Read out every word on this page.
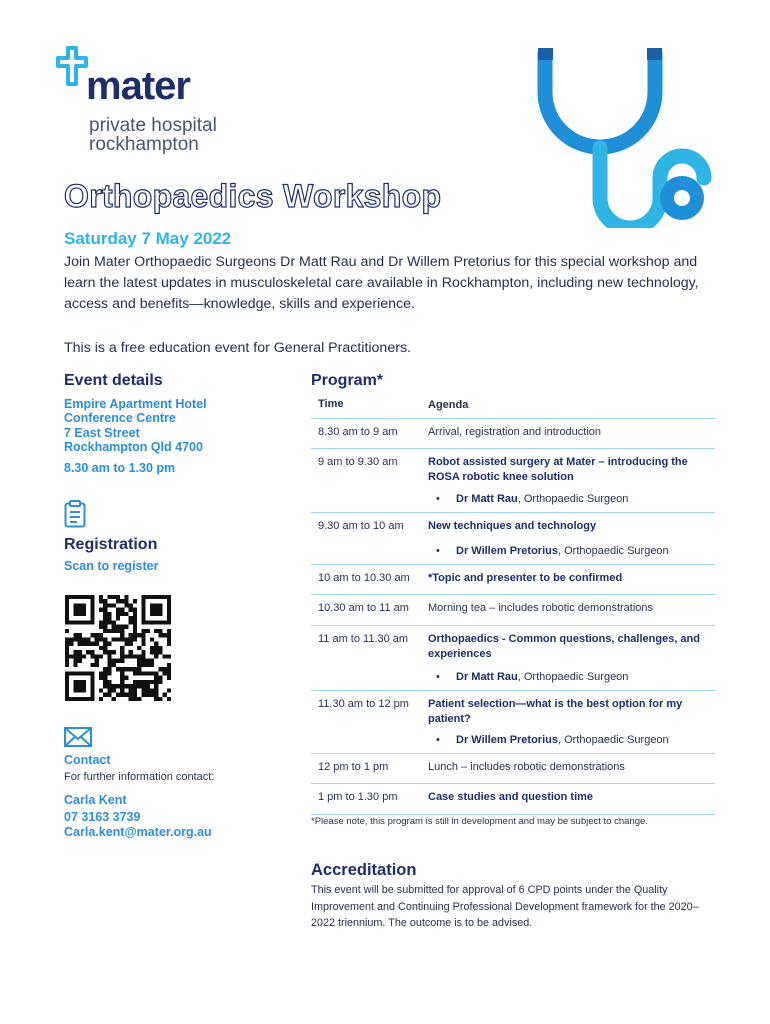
mater
private hospital
rockhampton
Orthopaedics Workshop
Saturday 7 May 2022
Join Mater Orthopaedic Surgeons Dr Matt Rau and Dr Willem Pretorius for this special workshop and learn the latest updates in musculoskeletal care available in Rockhampton, including new technology, access and benefits—knowledge, skills and experience.
This is a free education event for General Practitioners.
Event details
Empire Apartment Hotel
Conference Centre
7 East Street
Rockhampton Qld 4700
8.30 am to 1.30 pm
Registration
Scan to register
Contact
For further information contact:
Carla Kent
07 3163 3739
Carla.kent@mater.org.au
Program*
Time	Agenda
8.30 am to 9 am	Arrival, registration and introduction
9 am to 9.30 am	Robot assisted surgery at Mater – introducing the ROSA robotic knee solution
• Dr Matt Rau, Orthopaedic Surgeon
9.30 am to 10 am New techniques and technology
• Dr Willem Pretorius, Orthopaedic Surgeon
10 am to 10.30 am *Topic and presenter to be confirmed
10.30 am to 11 am Morning tea – includes robotic demonstrations
11 am to 11.30 am Orthopaedics - Common questions, challenges, and experiences
• Dr Matt Rau, Orthopaedic Surgeon
11.30 am to 12 pm Patient selection—what is the best option for my patient?
• Dr Willem Pretorius, Orthopaedic Surgeon
12 pm to 1 pm	Lunch – includes robotic demonstrations
1 pm to 1.30 pm	Case studies and question time
*Please note, this program is still in development and may be subject to change.
Accreditation
This event will be submitted for approval of 6 CPD points under the Quality Improvement and Continuing Professional Development framework for the 2020–2022 triennium. The outcome is to be advised.
